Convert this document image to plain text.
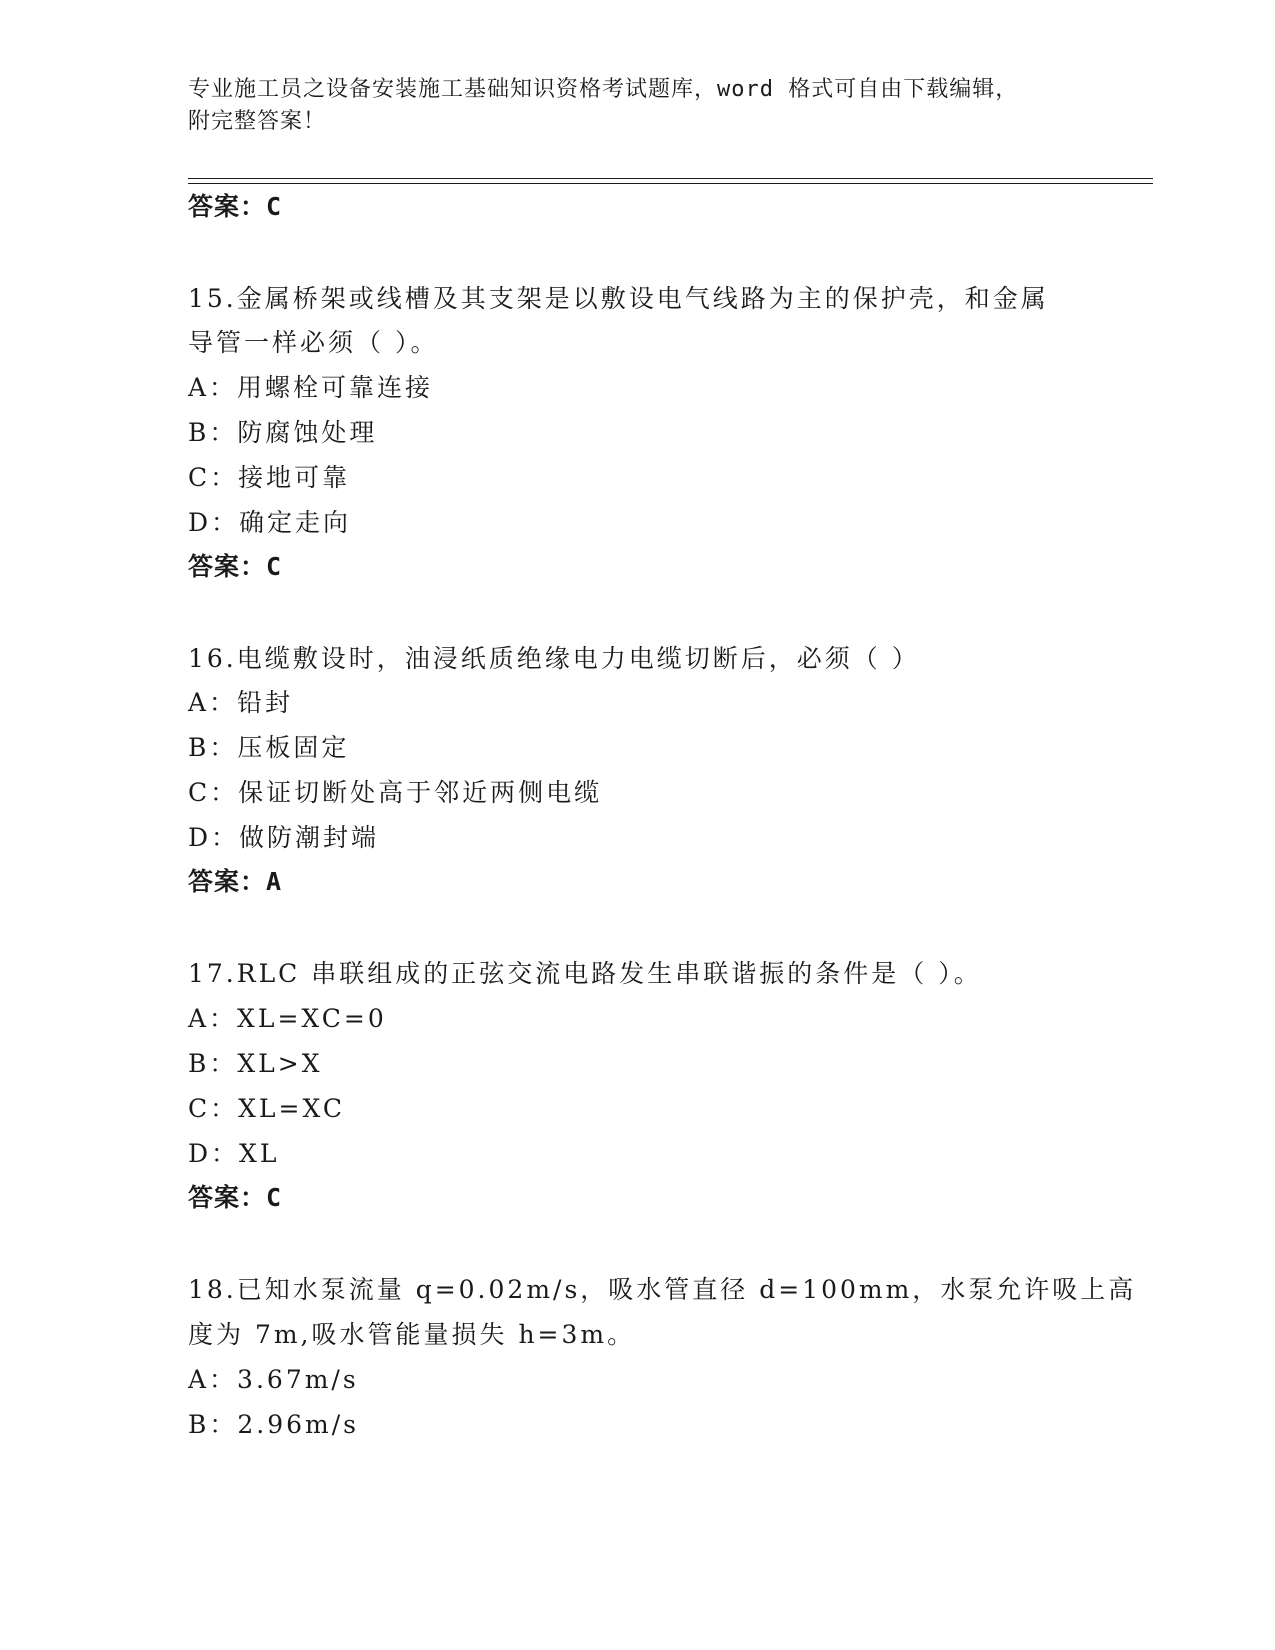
专业施工员之设备安装施工基础知识资格考试题库，word 格式可自由下载编辑，
附完整答案！
答案：C
15.金属桥架或线槽及其支架是以敷设电气线路为主的保护壳，和金属
导管一样必须（ ）。
A：用螺栓可靠连接
B：防腐蚀处理
C：接地可靠
D：确定走向
答案：C
16.电缆敷设时，油浸纸质绝缘电力电缆切断后，必须（ ）
A：铅封
B：压板固定
C：保证切断处高于邻近两侧电缆
D：做防潮封端
答案：A
17.RLC 串联组成的正弦交流电路发生串联谐振的条件是（ ）。
A：XL=XC=0
B：XL>X
C：XL=XC
D：XL
答案：C
18.已知水泵流量 q=0.02m/s，吸水管直径 d=100mm，水泵允许吸上高
度为 7m,吸水管能量损失 h=3m。
A：3.67m/s
B：2.96m/s
